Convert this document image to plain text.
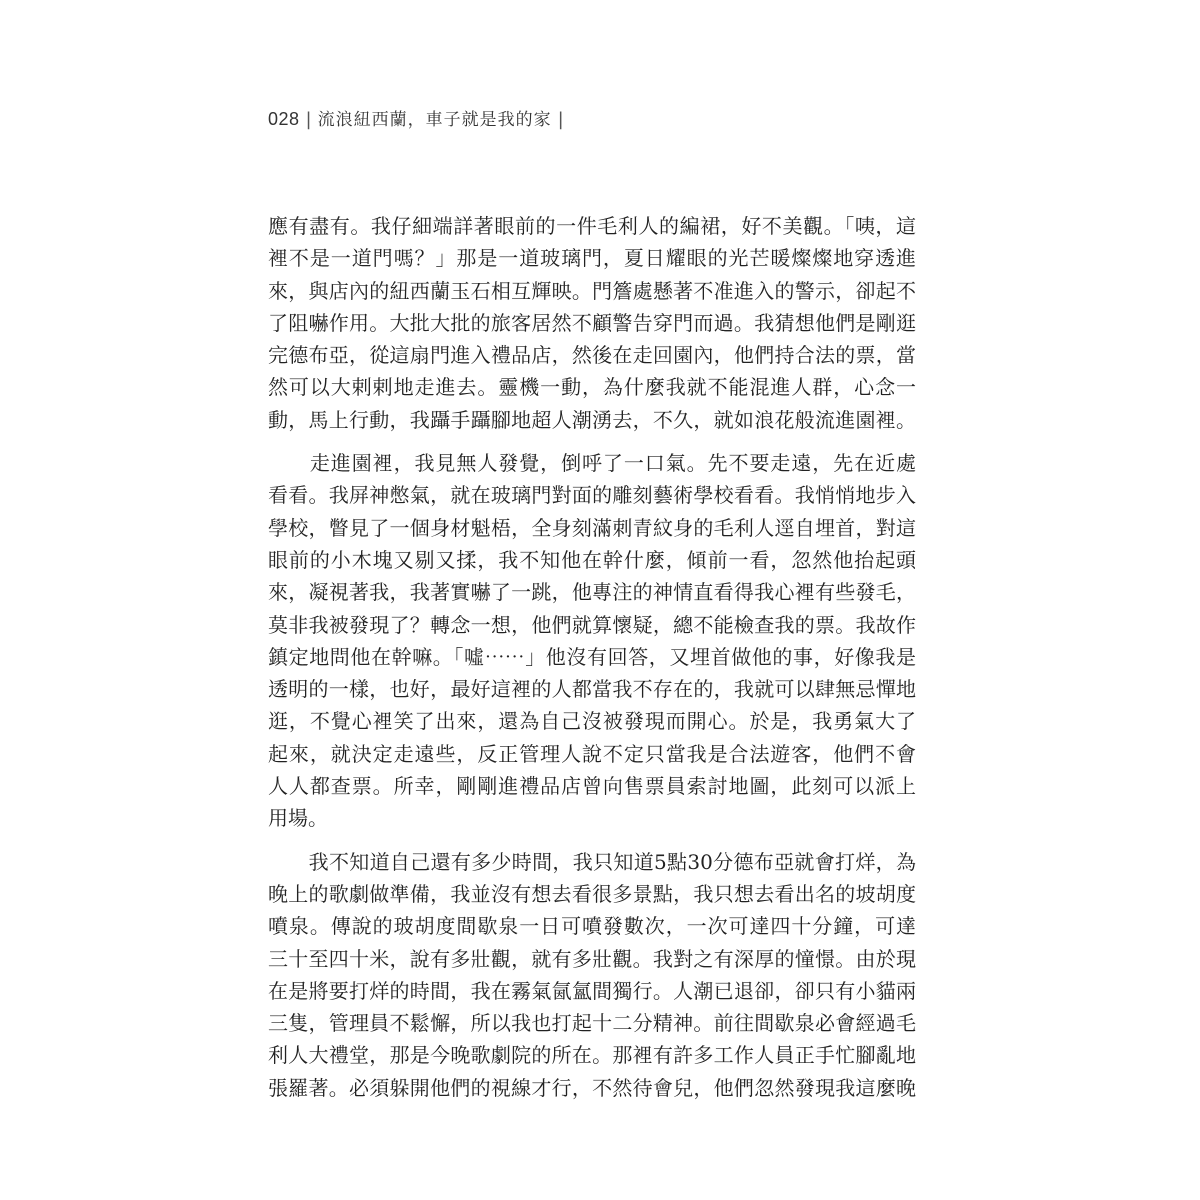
028 | 流浪紐西蘭，車子就是我的家 |

應有盡有。我仔細端詳著眼前的一件毛利人的編裙，好不美觀。「咦，這
裡不是一道門嗎？」那是一道玻璃門，夏日耀眼的光芒暖燦燦地穿透進
來，與店內的紐西蘭玉石相互輝映。門簷處懸著不准進入的警示，卻起不
了阻嚇作用。大批大批的旅客居然不顧警告穿門而過。我猜想他們是剛逛
完德布亞，從這扇門進入禮品店，然後在走回園內，他們持合法的票，當
然可以大剌剌地走進去。靈機一動，為什麼我就不能混進人群，心念一
動，馬上行動，我躡手躡腳地超人潮湧去，不久，就如浪花般流進園裡。

　　走進園裡，我見無人發覺，倒呼了一口氣。先不要走遠，先在近處
看看。我屏神憋氣，就在玻璃門對面的雕刻藝術學校看看。我悄悄地步入
學校，瞥見了一個身材魁梧，全身刻滿刺青紋身的毛利人逕自埋首，對這
眼前的小木塊又剔又揉，我不知他在幹什麼，傾前一看，忽然他抬起頭
來，凝視著我，我著實嚇了一跳，他專注的神情直看得我心裡有些發毛，
莫非我被發現了？轉念一想，他們就算懷疑，總不能檢查我的票。我故作
鎮定地問他在幹嘛。「噓⋯⋯」他沒有回答，又埋首做他的事，好像我是
透明的一樣，也好，最好這裡的人都當我不存在的，我就可以肆無忌憚地
逛，不覺心裡笑了出來，還為自己沒被發現而開心。於是，我勇氣大了
起來，就決定走遠些，反正管理人說不定只當我是合法遊客，他們不會
人人都查票。所幸，剛剛進禮品店曾向售票員索討地圖，此刻可以派上
用場。

　　我不知道自己還有多少時間，我只知道5點30分德布亞就會打烊，為
晚上的歌劇做準備，我並沒有想去看很多景點，我只想去看出名的坡胡度
噴泉。傳說的玻胡度間歇泉一日可噴發數次，一次可達四十分鐘，可達
三十至四十米，說有多壯觀，就有多壯觀。我對之有深厚的憧憬。由於現
在是將要打烊的時間，我在霧氣氤氳間獨行。人潮已退卻，卻只有小貓兩
三隻，管理員不鬆懈，所以我也打起十二分精神。前往間歇泉必會經過毛
利人大禮堂，那是今晚歌劇院的所在。那裡有許多工作人員正手忙腳亂地
張羅著。必須躲開他們的視線才行，不然待會兒，他們忽然發現我這麼晚
